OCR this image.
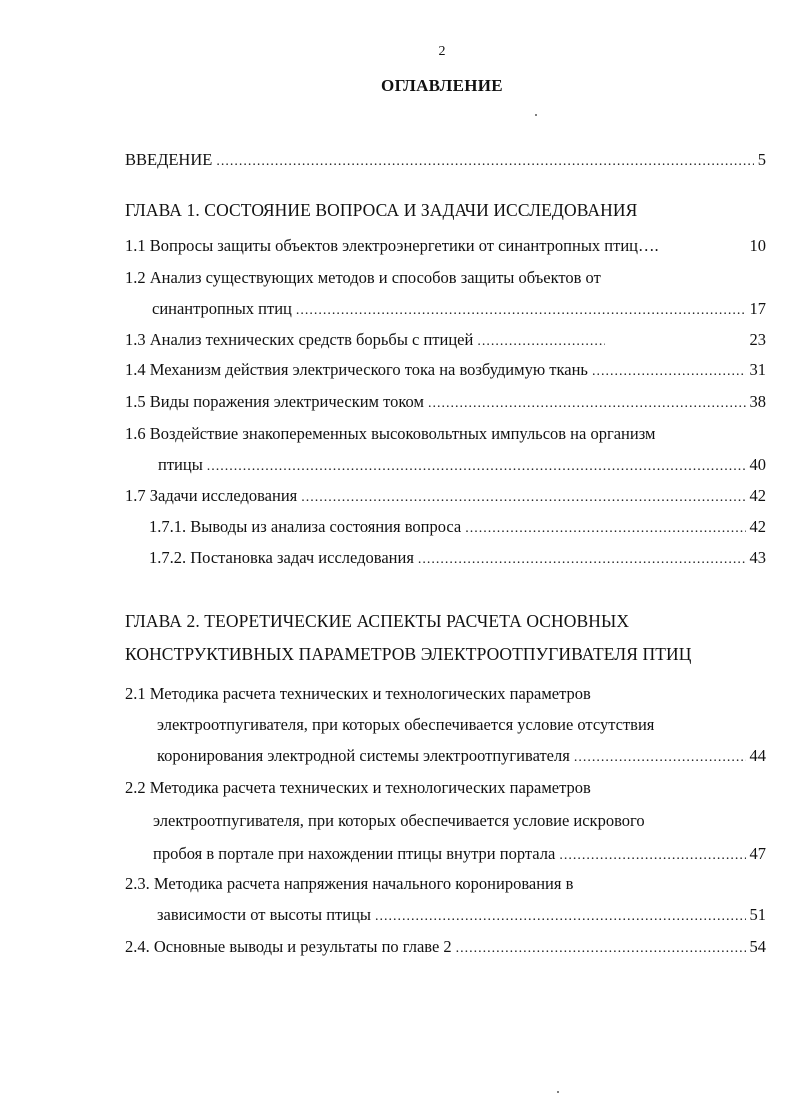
2
ОГЛАВЛЕНИЕ
ВВЕДЕНИЕ .....	5
ГЛАВА 1. СОСТОЯНИЕ ВОПРОСА И ЗАДАЧИ ИССЛЕДОВАНИЯ
1.1 Вопросы защиты объектов электроэнергетики от синантропных птиц….	10
1.2 Анализ существующих методов и способов защиты объектов от
синантропных птиц .....	17
1.3 Анализ технических средств борьбы с птицей .....	23
1.4 Механизм действия электрического тока на возбудимую ткань .....	31
1.5 Виды поражения электрическим током .....	38
1.6 Воздействие знакопеременных высоковольтных импульсов на организм
птицы .....	40
1.7 Задачи исследования .....	42
1.7.1. Выводы из анализа состояния вопроса .....	42
1.7.2. Постановка задач исследования .....	43
ГЛАВА 2. ТЕОРЕТИЧЕСКИЕ АСПЕКТЫ РАСЧЕТА ОСНОВНЫХ
КОНСТРУКТИВНЫХ ПАРАМЕТРОВ ЭЛЕКТРООТПУГИВАТЕЛЯ ПТИЦ
2.1 Методика расчета технических и технологических параметров
электроотпугивателя, при которых обеспечивается условие отсутствия
коронирования электродной системы электроотпугивателя .....	44
2.2 Методика расчета технических и технологических параметров
электроотпугивателя, при которых обеспечивается условие искрового
пробоя в портале при нахождении птицы внутри портала .....	47
2.3. Методика расчета напряжения начального коронирования в
зависимости от высоты птицы .....	51
2.4. Основные выводы и результаты по главе 2 .....	54
